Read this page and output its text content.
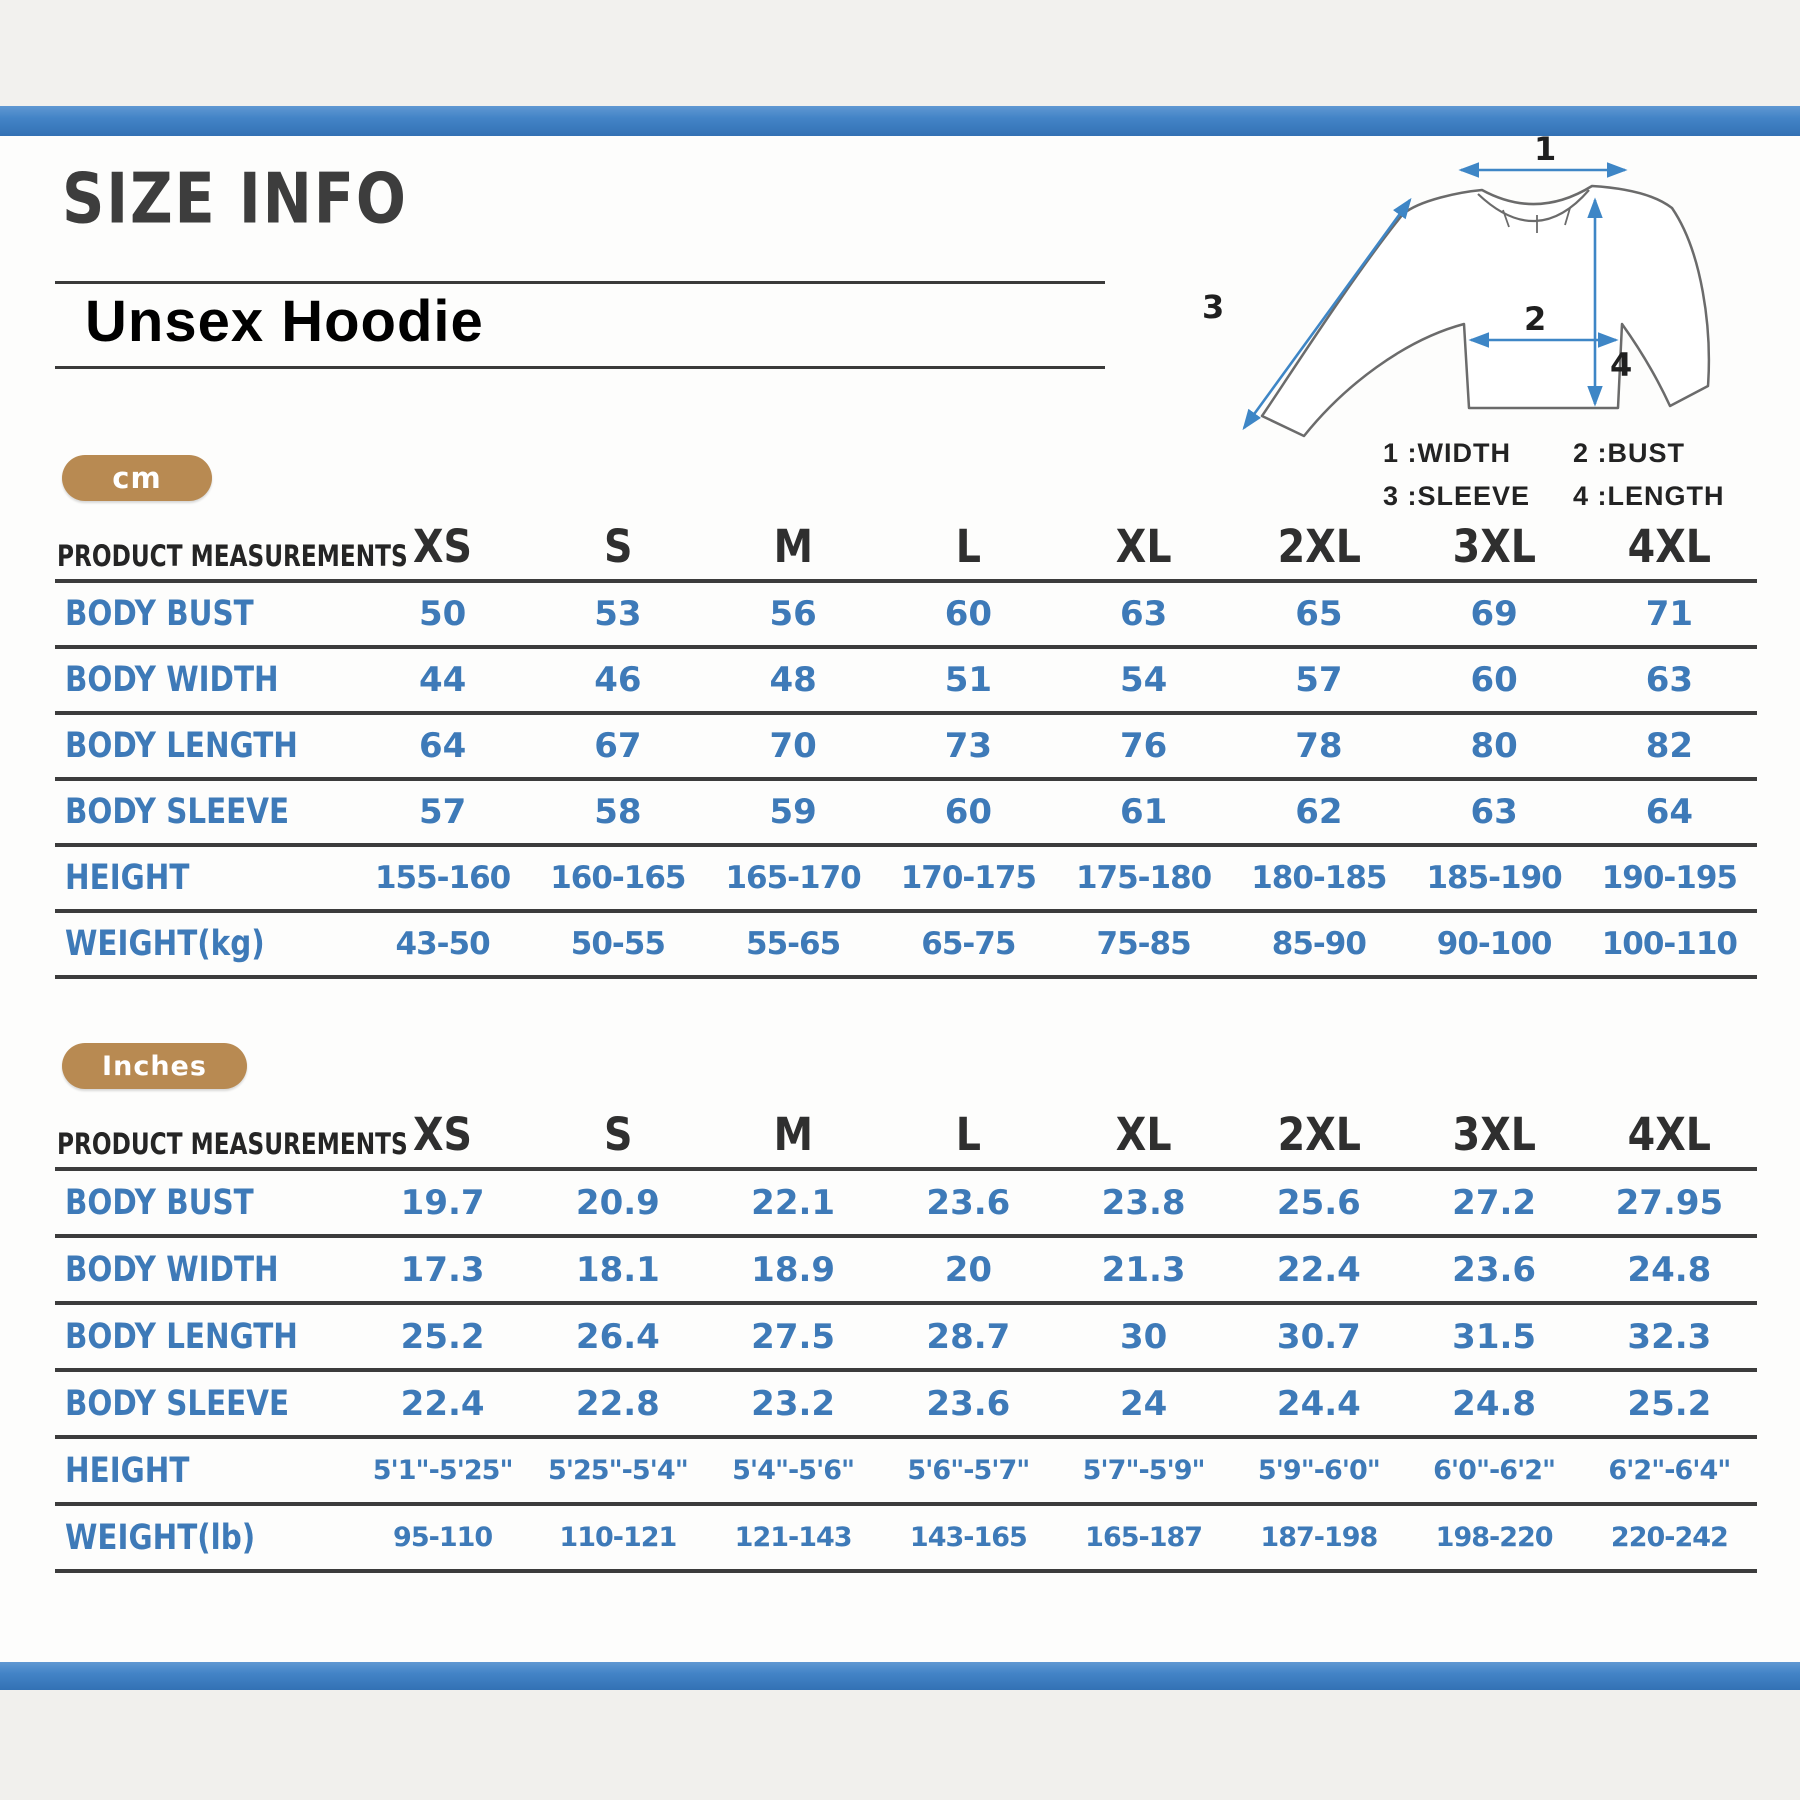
SIZE INFO
Unsex Hoodie
1
2
3
4
1 :WIDTH	2 :BUST
3 :SLEEVE	4 :LENGTH
cm
PRODUCT MEASUREMENTS	XS	S	M	L	XL	2XL	3XL	4XL
BODY BUST	50	53	56	60	63	65	69	71
BODY WIDTH	44	46	48	51	54	57	60	63
BODY LENGTH	64	67	70	73	76	78	80	82
BODY SLEEVE	57	58	59	60	61	62	63	64
HEIGHT	155-160	160-165	165-170	170-175	175-180	180-185	185-190	190-195
WEIGHT(kg)	43-50	50-55	55-65	65-75	75-85	85-90	90-100	100-110
Inches
PRODUCT MEASUREMENTS	XS	S	M	L	XL	2XL	3XL	4XL
BODY BUST	19.7	20.9	22.1	23.6	23.8	25.6	27.2	27.95
BODY WIDTH	17.3	18.1	18.9	20	21.3	22.4	23.6	24.8
BODY LENGTH	25.2	26.4	27.5	28.7	30	30.7	31.5	32.3
BODY SLEEVE	22.4	22.8	23.2	23.6	24	24.4	24.8	25.2
HEIGHT	5'1"-5'25"	5'25"-5'4"	5'4"-5'6"	5'6"-5'7"	5'7"-5'9"	5'9"-6'0"	6'0"-6'2"	6'2"-6'4"
WEIGHT(lb)	95-110	110-121	121-143	143-165	165-187	187-198	198-220	220-242
